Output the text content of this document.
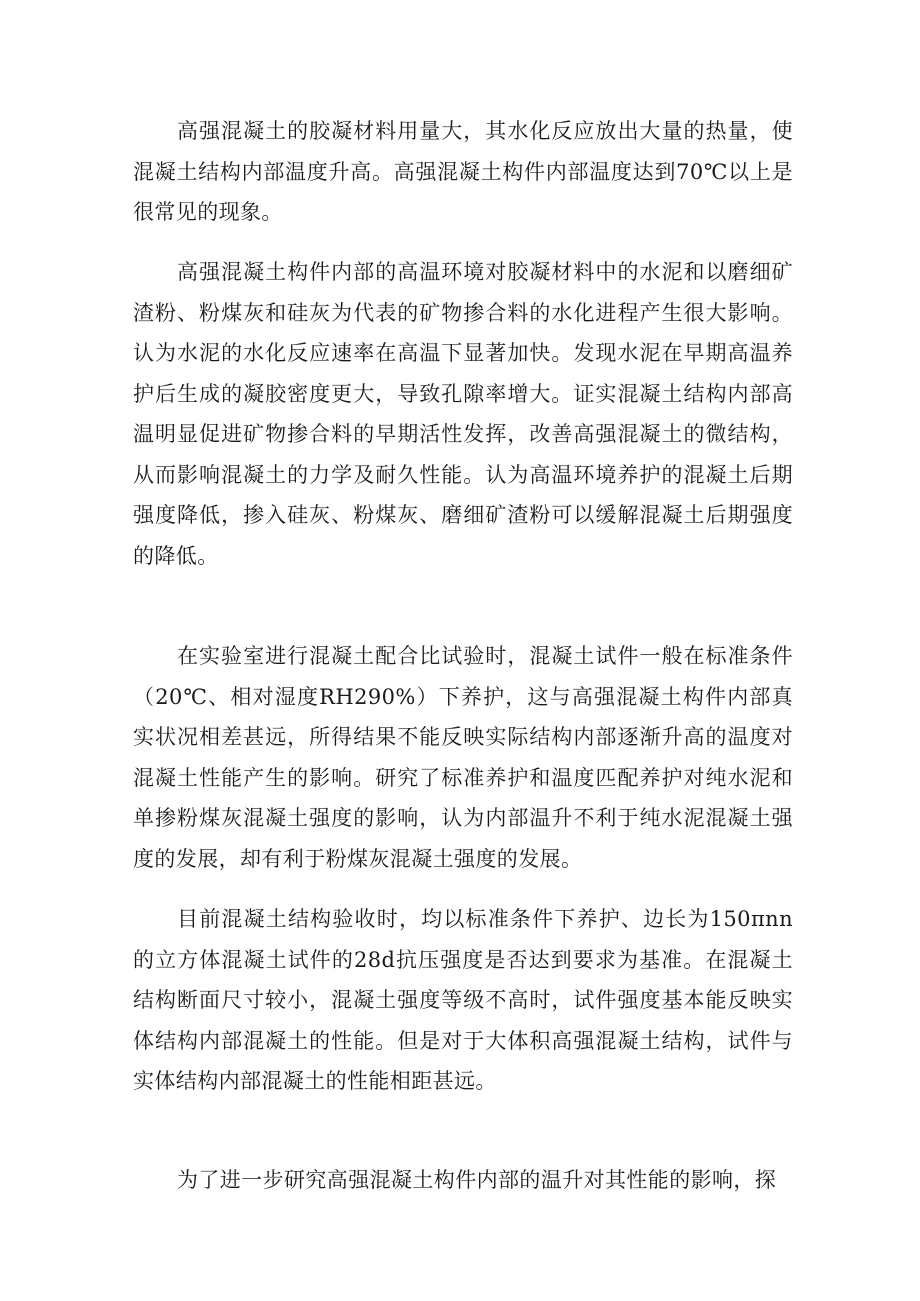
高强混凝土的胶凝材料用量大，其水化反应放出大量的热量，使混凝土结构内部温度升高。高强混凝土构件内部温度达到70℃以上是很常见的现象。

高强混凝土构件内部的高温环境对胶凝材料中的水泥和以磨细矿渣粉、粉煤灰和硅灰为代表的矿物掺合料的水化进程产生很大影响。认为水泥的水化反应速率在高温下显著加快。发现水泥在早期高温养护后生成的凝胶密度更大，导致孔隙率增大。证实混凝土结构内部高温明显促进矿物掺合料的早期活性发挥，改善高强混凝土的微结构，从而影响混凝土的力学及耐久性能。认为高温环境养护的混凝土后期强度降低，掺入硅灰、粉煤灰、磨细矿渣粉可以缓解混凝土后期强度的降低。

在实验室进行混凝土配合比试验时，混凝土试件一般在标准条件（20℃、相对湿度RH290%）下养护，这与高强混凝土构件内部真实状况相差甚远，所得结果不能反映实际结构内部逐渐升高的温度对混凝土性能产生的影响。研究了标准养护和温度匹配养护对纯水泥和单掺粉煤灰混凝土强度的影响，认为内部温升不利于纯水泥混凝土强度的发展，却有利于粉煤灰混凝土强度的发展。

目前混凝土结构验收时，均以标准条件下养护、边长为150πnn的立方体混凝土试件的28d抗压强度是否达到要求为基准。在混凝土结构断面尺寸较小，混凝土强度等级不高时，试件强度基本能反映实体结构内部混凝土的性能。但是对于大体积高强混凝土结构，试件与实体结构内部混凝土的性能相距甚远。

为了进一步研究高强混凝土构件内部的温升对其性能的影响，探
